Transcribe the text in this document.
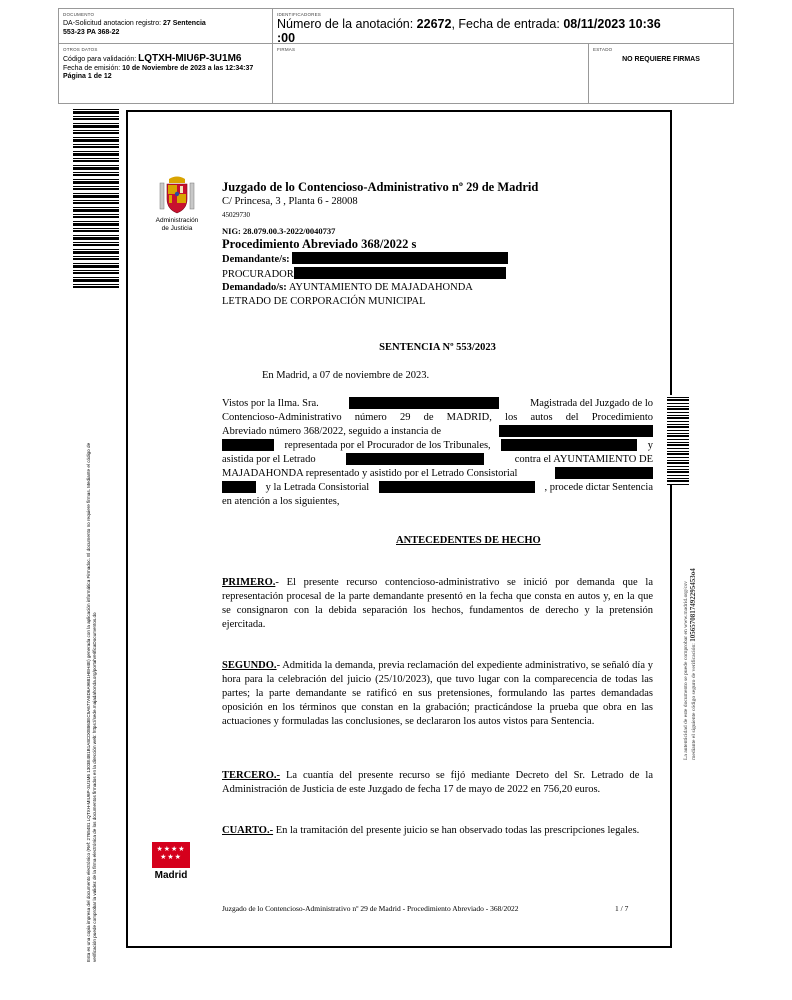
DOCUMENTO
DA-Solicitud anotacion registro: 27 Sentencia
553-23 PA 368-22
IDENTIFICADORES
Número de la anotación: 22672, Fecha de entrada: 08/11/2023 10:36
:00
OTROS DATOS
Código para validación: LQTXH-MIU6P-3U1M6
Fecha de emisión: 10 de Noviembre de 2023 a las 12:34:37
Página 1 de 12
FIRMAS	ESTADO
NO REQUIERE FIRMAS
Esta es una copia impresa del documento electrónico (Ref: 2765481 LQTXH-MIU6P-3U1M6 1303E4B1B1A8CD08863EC5A677A8D6A9681HEH4E) generada con la aplicación informática Firmadoc. El documento no requiere firmas. Mediante el código de verificación puede comprobar la validez de la firma electrónica de los documentos firmados en la dirección web: https://sede.majadahonda.org/portalVerificaDocumentos.do
Administración
de Justicia
Juzgado de lo Contencioso-Administrativo nº 29 de Madrid
C/ Princesa, 3 , Planta 6 - 28008
45029730
NIG: 28.079.00.3-2022/0040737
Procedimiento Abreviado 368/2022 s
Demandante/s:
PROCURADOR
Demandado/s: AYUNTAMIENTO DE MAJADAHONDA
LETRADO DE CORPORACIÓN MUNICIPAL
SENTENCIA Nº 553/2023
En Madrid, a 07 de noviembre de 2023.
Vistos por la Ilma. Sra.	Magistrada del Juzgado de lo
Contencioso-Administrativo número 29 de MADRID, los autos del Procedimiento
Abreviado número 368/2022, seguido a instancia de
representada por el Procurador de los Tribunales,	y
asistida por el Letrado	contra el AYUNTAMIENTO DE
MAJADAHONDA representado y asistido por el Letrado Consistorial
y la Letrada Consistorial	, procede dictar Sentencia
en atención a los siguientes,
ANTECEDENTES DE HECHO
PRIMERO.- El presente recurso contencioso-administrativo se inició por demanda que la representación procesal de la parte demandante presentó en la fecha que consta en autos y, en la que se consignaron con la debida separación los hechos, fundamentos de derecho y la pretensión ejercitada.
SEGUNDO.- Admitida la demanda, previa reclamación del expediente administrativo, se señaló día y hora para la celebración del juicio (25/10/2023), que tuvo lugar con la comparecencia de todas las partes; la parte demandante se ratificó en sus pretensiones, formulando las partes demandadas oposición en los términos que constan en la grabación; practicándose la prueba que obra en las actuaciones y formuladas las conclusiones, se declararon los autos vistos para Sentencia.
TERCERO.- La cuantía del presente recurso se fijó mediante Decreto del Sr. Letrado de la Administración de Justicia de este Juzgado de fecha 17 de mayo de 2022 en 756,20 euros.
CUARTO.- En la tramitación del presente juicio se han observado todas las prescripciones legales.
★★★★
★★★
Madrid
La autenticidad de este documento se puede comprobar en www.madrid.org/csv mediante el siguiente código seguro de verificación: 1056570817492295453o4
Juzgado de lo Contencioso-Administrativo nº 29 de Madrid - Procedimiento Abreviado - 368/2022	1 / 7
